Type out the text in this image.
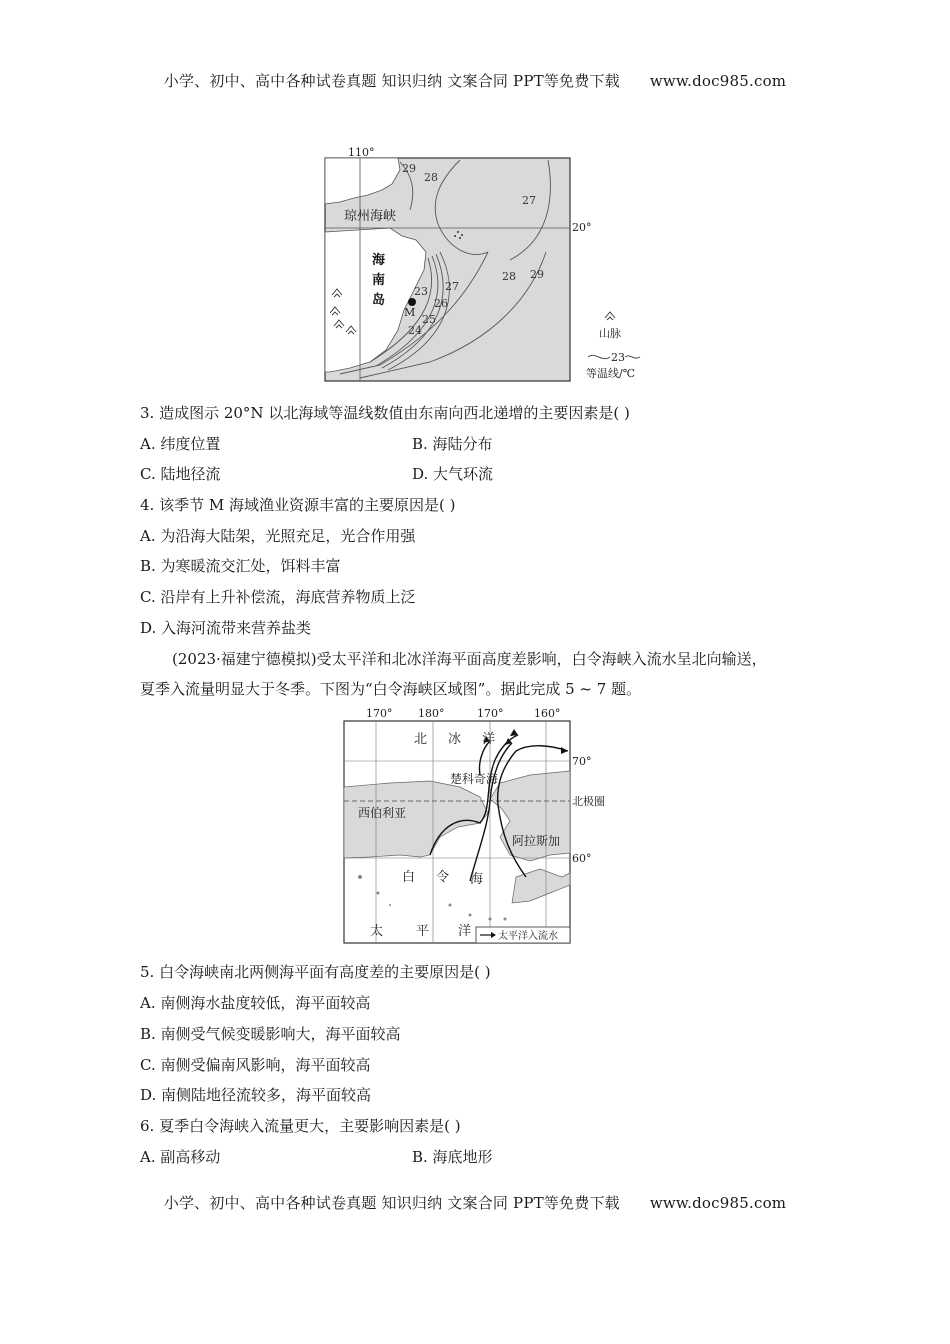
小学、初中、高中各种试卷真题 知识归纳 文案合同 PPT等免费下载 www.doc985.com
110°
20°
琼州海峡
海
南
岛
M
29
28
27
28 29
23 27
26
25
24	山脉
23
等温线/℃
3. 造成图示 20°N 以北海域等温线数值由东南向西北递增的主要因素是( )
A. 纬度位置	B. 海陆分布
C. 陆地径流	D. 大气环流
4. 该季节 M 海域渔业资源丰富的主要原因是( )
A. 为沿海大陆架，光照充足，光合作用强
B. 为寒暖流交汇处，饵料丰富
C. 沿岸有上升补偿流，海底营养物质上泛
D. 入海河流带来营养盐类
(2023·福建宁德模拟)受太平洋和北冰洋海平面高度差影响，白令海峡入流水呈北向输送，
夏季入流量明显大于冬季。下图为“白令海峡区域图”。据此完成 5 ~ 7 题。
170° 180°	170°	160°
70°
北极圈
60°
北 冰 洋
楚科奇海
西伯利亚
阿拉斯加
白 令 海
太	平 洋	太平洋入流水
5. 白令海峡南北两侧海平面有高度差的主要原因是( )
A. 南侧海水盐度较低，海平面较高
B. 南侧受气候变暖影响大，海平面较高
C. 南侧受偏南风影响，海平面较高
D. 南侧陆地径流较多，海平面较高
6. 夏季白令海峡入流量更大，主要影响因素是( )
A. 副高移动	B. 海底地形
小学、初中、高中各种试卷真题 知识归纳 文案合同 PPT等免费下载 www.doc985.com
